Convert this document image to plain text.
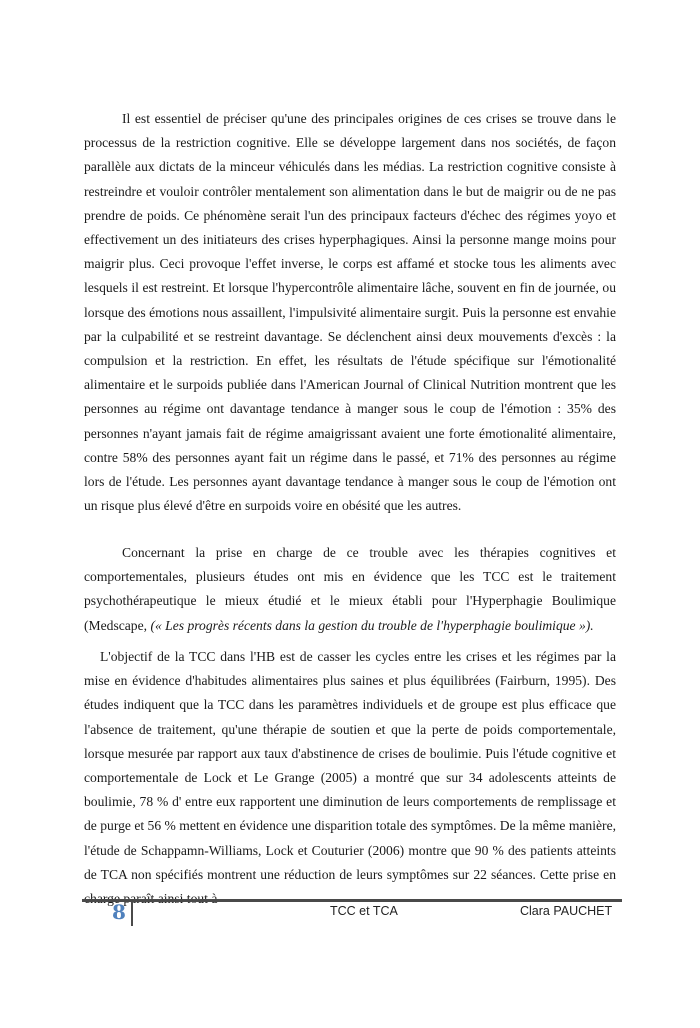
Il est essentiel de préciser qu'une des principales origines de ces crises se trouve dans le processus de la restriction cognitive. Elle se développe largement dans nos sociétés, de façon parallèle aux dictats de la minceur véhiculés dans les médias. La restriction cognitive consiste à restreindre et vouloir contrôler mentalement son alimentation dans le but de maigrir ou de ne pas prendre de poids. Ce phénomène serait l'un des principaux facteurs d'échec des régimes yoyo et effectivement un des initiateurs des crises hyperphagiques. Ainsi la personne mange moins pour maigrir plus. Ceci provoque l'effet inverse, le corps est affamé et stocke tous les aliments avec lesquels il est restreint. Et lorsque l'hypercontrôle alimentaire lâche, souvent en fin de journée, ou lorsque des émotions nous assaillent, l'impulsivité alimentaire surgit. Puis la personne est envahie par la culpabilité et se restreint davantage. Se déclenchent ainsi deux mouvements d'excès : la compulsion et la restriction. En effet, les résultats de l'étude spécifique sur l'émotionalité alimentaire et le surpoids publiée dans l'American Journal of Clinical Nutrition montrent que les personnes au régime ont davantage tendance à manger sous le coup de l'émotion : 35% des personnes n'ayant jamais fait de régime amaigrissant avaient une forte émotionalité alimentaire, contre 58% des personnes ayant fait un régime dans le passé, et 71% des personnes au régime lors de l'étude. Les personnes ayant davantage tendance à manger sous le coup de l'émotion ont un risque plus élevé d'être en surpoids voire en obésité que les autres.

Concernant la prise en charge de ce trouble avec les thérapies cognitives et comportementales, plusieurs études ont mis en évidence que les TCC est le traitement psychothérapeutique le mieux étudié et le mieux établi pour l'Hyperphagie Boulimique (Medscape, (« Les progrès récents dans la gestion du trouble de l'hyperphagie boulimique »).

L'objectif de la TCC dans l'HB est de casser les cycles entre les crises et les régimes par la mise en évidence d'habitudes alimentaires plus saines et plus équilibrées (Fairburn, 1995). Des études indiquent que la TCC dans les paramètres individuels et de groupe est plus efficace que l'absence de traitement, qu'une thérapie de soutien et que la perte de poids comportementale, lorsque mesurée par rapport aux taux d'abstinence de crises de boulimie. Puis l'étude cognitive et comportementale de Lock et Le Grange (2005) a montré que sur 34 adolescents atteints de boulimie, 78 % d' entre eux rapportent une diminution de leurs comportements de remplissage et de purge et 56 % mettent en évidence une disparition totale des symptômes. De la même manière, l'étude de Schappamn-Williams, Lock et Couturier (2006) montre que 90 % des patients atteints de TCA non spécifiés montrent une réduction de leurs symptômes sur 22 séances. Cette prise en

8	TCC et TCA	Clara PAUCHET
